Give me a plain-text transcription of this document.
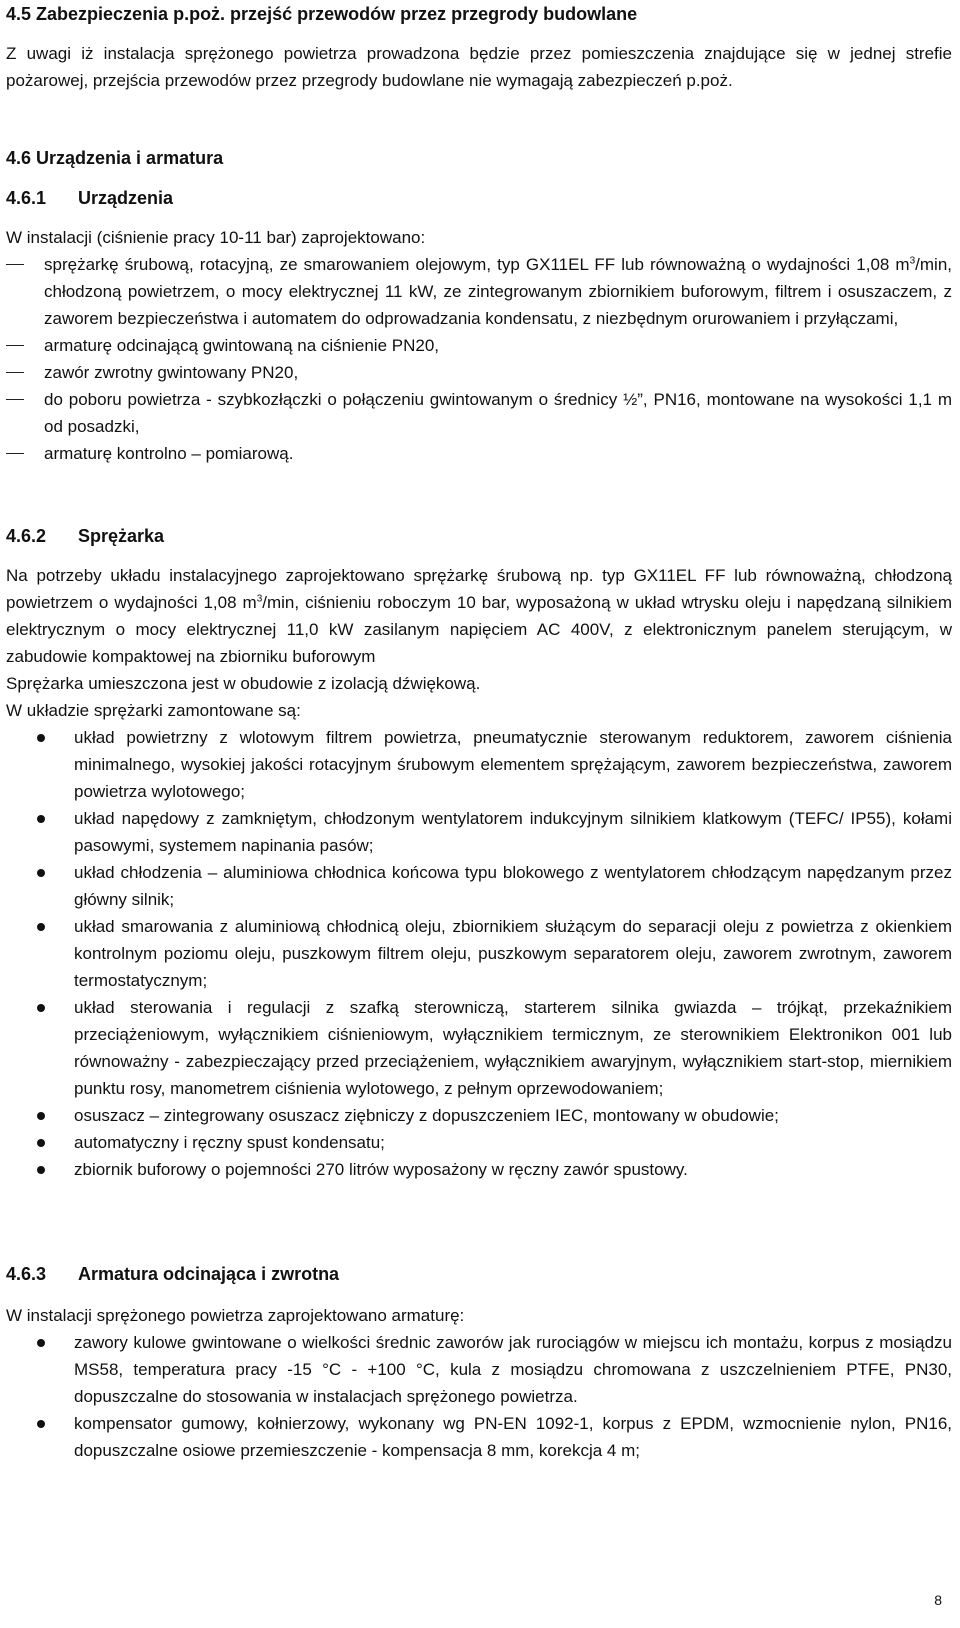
4.5 Zabezpieczenia p.poż. przejść przewodów przez przegrody budowlane

Z uwagi iż instalacja sprężonego powietrza prowadzona będzie przez pomieszczenia znajdujące się w jednej strefie pożarowej, przejścia przewodów przez przegrody budowlane nie wymagają zabezpieczeń p.poż.

4.6 Urządzenia i armatura
4.6.1	Urządzenia

W instalacji (ciśnienie pracy 10-11 bar) zaprojektowano:

sprężarkę śrubową, rotacyjną, ze smarowaniem olejowym, typ GX11EL FF lub równoważną o wydajności 1,08 $m^3/\min$, chłodzoną powietrzem, o mocy elektrycznej 11 kW, ze zintegrowanym zbiornikiem buforowym, filtrem i osuszaczem, z zaworem bezpieczeństwa i automatem do odprowadzania kondensatu, z niezbędnym orurowaniem i przyłączami,
armaturę odcinającą gwintowaną na ciśnienie PN20,
zawór zwrotny gwintowany PN20,
do poboru powietrza - szybkozłączki o połączeniu gwintowanym o średnicy ½”, PN16, montowane na wysokości 1,1 m od posadzki,
armaturę kontrolno – pomiarową.
4.6.2	Sprężarka

Na potrzeby układu instalacyjnego zaprojektowano sprężarkę śrubową np. typ GX11EL FF lub równoważną, chłodzoną powietrzem o wydajności 1,08 $m^3/\min$, ciśnieniu roboczym 10 bar, wyposażoną w układ wtrysku oleju i napędzaną silnikiem elektrycznym o mocy elektrycznej 11,0 kW zasilanym napięciem AC 400V, z elektronicznym panelem sterującym, w zabudowie kompaktowej na zbiorniku buforowym

Sprężarka umieszczona jest w obudowie z izolacją dźwiękową.

W układzie sprężarki zamontowane są:

układ powietrzny z wlotowym filtrem powietrza, pneumatycznie sterowanym reduktorem, zaworem ciśnienia minimalnego, wysokiej jakości rotacyjnym śrubowym elementem sprężającym, zaworem bezpieczeństwa, zaworem powietrza wylotowego;
układ napędowy z zamkniętym, chłodzonym wentylatorem indukcyjnym silnikiem klatkowym (TEFC/ IP55), kołami pasowymi, systemem napinania pasów;
układ chłodzenia – aluminiowa chłodnica końcowa typu blokowego z wentylatorem chłodzącym napędzanym przez główny silnik;
układ smarowania z aluminiową chłodnicą oleju, zbiornikiem służącym do separacji oleju z powietrza z okienkiem kontrolnym poziomu oleju, puszkowym filtrem oleju, puszkowym separatorem oleju, zaworem zwrotnym, zaworem termostatycznym;
układ sterowania i regulacji z szafką sterowniczą, starterem silnika gwiazda – trójkąt, przekaźnikiem przeciążeniowym, wyłącznikiem ciśnieniowym, wyłącznikiem termicznym, ze sterownikiem Elektronikon 001 lub równoważny - zabezpieczający przed przeciążeniem, wyłącznikiem awaryjnym, wyłącznikiem start-stop, miernikiem punktu rosy, manometrem ciśnienia wylotowego, z pełnym oprzewodowaniem;
osuszacz – zintegrowany osuszacz ziębniczy z dopuszczeniem IEC, montowany w obudowie;
automatyczny i ręczny spust kondensatu;
zbiornik buforowy o pojemności 270 litrów wyposażony w ręczny zawór spustowy.
4.6.3	Armatura odcinająca i zwrotna

W instalacji sprężonego powietrza zaprojektowano armaturę:

zawory kulowe gwintowane o wielkości średnic zaworów jak rurociągów w miejscu ich montażu, korpus z mosiądzu MS58, temperatura pracy -15 °C - +100 °C, kula z mosiądzu chromowana z uszczelnieniem PTFE, PN30, dopuszczalne do stosowania w instalacjach sprężonego powietrza.
kompensator gumowy, kołnierzowy, wykonany wg PN-EN 1092-1, korpus z EPDM, wzmocnienie nylon, PN16, dopuszczalne osiowe przemieszczenie - kompensacja 8 mm, korekcja 4 m;
8
